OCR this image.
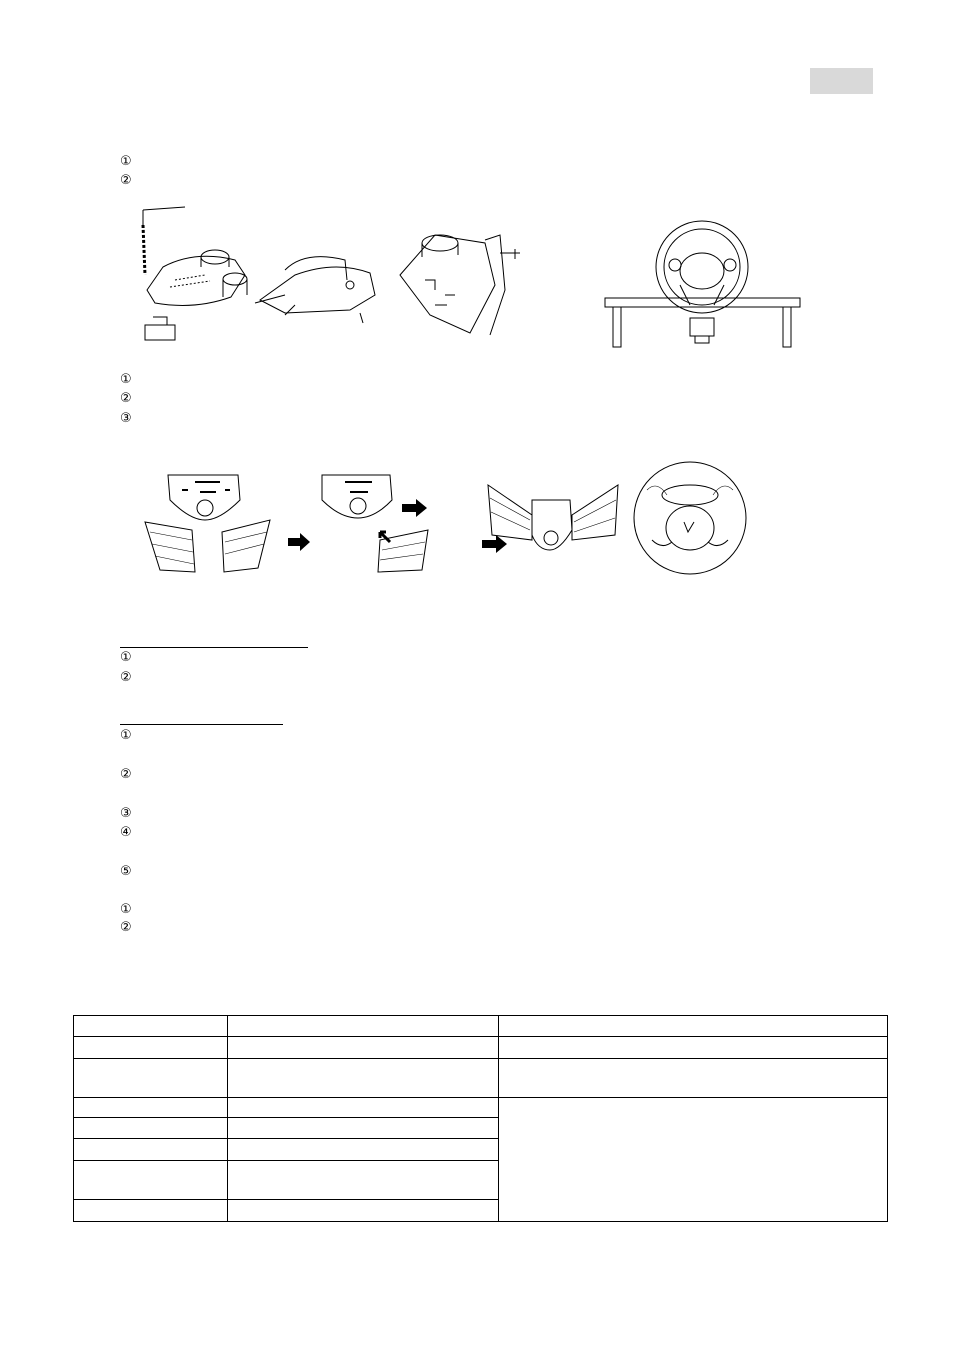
①
②
①
②
③
①
②
①
②
③
④
⑤
①
②
